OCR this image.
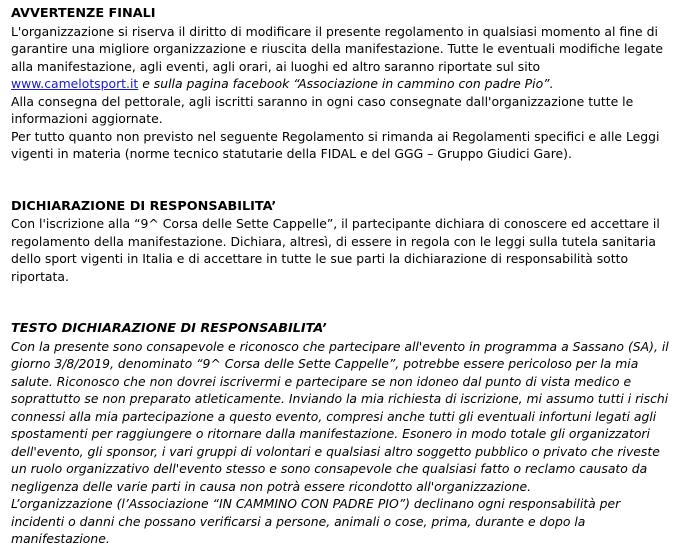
AVVERTENZE FINALI
L'organizzazione si riserva il diritto di modificare il presente regolamento in qualsiasi momento al fine di
garantire una migliore organizzazione e riuscita della manifestazione. Tutte le eventuali modifiche legate
alla manifestazione, agli eventi, agli orari, ai luoghi ed altro saranno riportate sul sito
www.camelotsport.it e sulla pagina facebook “Associazione in cammino con padre Pio”.
Alla consegna del pettorale, agli iscritti saranno in ogni caso consegnate dall'organizzazione tutte le
informazioni aggiornate.
Per tutto quanto non previsto nel seguente Regolamento si rimanda ai Regolamenti specifici e alle Leggi
vigenti in materia (norme tecnico statutarie della FIDAL e del GGG – Gruppo Giudici Gare).
DICHIARAZIONE DI RESPONSABILITA’
Con l'iscrizione alla “9^ Corsa delle Sette Cappelle”, il partecipante dichiara di conoscere ed accettare il
regolamento della manifestazione. Dichiara, altresì, di essere in regola con le leggi sulla tutela sanitaria
dello sport vigenti in Italia e di accettare in tutte le sue parti la dichiarazione di responsabilità sotto
riportata.
TESTO DICHIARAZIONE DI RESPONSABILITA’
Con la presente sono consapevole e riconosco che partecipare all'evento in programma a Sassano (SA), il
giorno 3/8/2019, denominato “9^ Corsa delle Sette Cappelle”, potrebbe essere pericoloso per la mia
salute. Riconosco che non dovrei iscrivermi e partecipare se non idoneo dal punto di vista medico e
soprattutto se non preparato atleticamente. Inviando la mia richiesta di iscrizione, mi assumo tutti i rischi
connessi alla mia partecipazione a questo evento, compresi anche tutti gli eventuali infortuni legati agli
spostamenti per raggiungere o ritornare dalla manifestazione. Esonero in modo totale gli organizzatori
dell'evento, gli sponsor, i vari gruppi di volontari e qualsiasi altro soggetto pubblico o privato che riveste
un ruolo organizzativo dell'evento stesso e sono consapevole che qualsiasi fatto o reclamo causato da
negligenza delle varie parti in causa non potrà essere ricondotto all'organizzazione.
L’organizzazione (l’Associazione “IN CAMMINO CON PADRE PIO”) declinano ogni responsabilità per
incidenti o danni che possano verificarsi a persone, animali o cose, prima, durante e dopo la
manifestazione.
